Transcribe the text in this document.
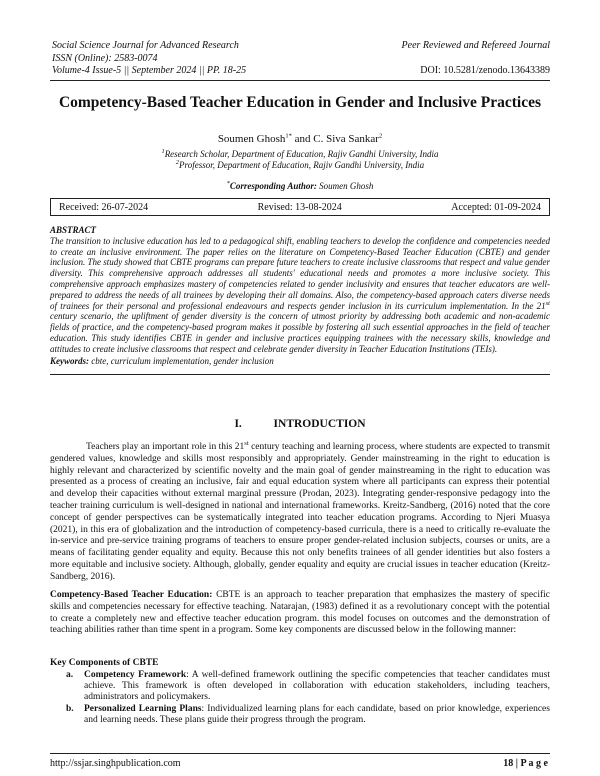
Social Science Journal for Advanced Research	Peer Reviewed and Refereed Journal
ISSN (Online): 2583-0074
Volume-4 Issue-5 || September 2024 || PP. 18-25	DOI: 10.5281/zenodo.13643389
Competency-Based Teacher Education in Gender and Inclusive Practices
Soumen Ghosh$^{1*}$ and C. Siva Sankar$^2$
$^1$Research Scholar, Department of Education, Rajiv Gandhi University, India
$^2$Professor, Department of Education, Rajiv Gandhi University, India
*Corresponding Author: Soumen Ghosh
Received: 26-07-2024	Revised: 13-08-2024	Accepted: 01-09-2024
ABSTRACT
The transition to inclusive education has led to a pedagogical shift, enabling teachers to develop the confidence and competencies needed to create an inclusive environment. The paper relies on the literature on Competency-Based Teacher Education (CBTE) and gender inclusion. The study showed that CBTE programs can prepare future teachers to create inclusive classrooms that respect and value gender diversity. This comprehensive approach addresses all students' educational needs and promotes a more inclusive society. This comprehensive approach emphasizes mastery of competencies related to gender inclusivity and ensures that teacher educators are well-prepared to address the needs of all trainees by developing their all domains. Also, the competency-based approach caters diverse needs of trainees for their personal and professional endeavours and respects gender inclusion in its curriculum implementation. In the 21st century scenario, the upliftment of gender diversity is the concern of utmost priority by addressing both academic and non-academic fields of practice, and the competency-based program makes it possible by fostering all such essential approaches in the field of teacher education. This study identifies CBTE in gender and inclusive practices equipping trainees with the necessary skills, knowledge and attitudes to create inclusive classrooms that respect and celebrate gender diversity in Teacher Education Institutions (TEIs).
Keywords: cbte, curriculum implementation, gender inclusion
I.	INTRODUCTION
Teachers play an important role in this 21st century teaching and learning process, where students are expected to transmit gendered values, knowledge and skills most responsibly and appropriately. Gender mainstreaming in the right to education is highly relevant and characterized by scientific novelty and the main goal of gender mainstreaming in the right to education was presented as a process of creating an inclusive, fair and equal education system where all participants can express their potential and develop their capacities without external marginal pressure (Prodan, 2023). Integrating gender-responsive pedagogy into the teacher training curriculum is well-designed in national and international frameworks. Kreitz-Sandberg, (2016) noted that the core concept of gender perspectives can be systematically integrated into teacher education programs. According to Njeri Muasya (2021), in this era of globalization and the introduction of competency-based curricula, there is a need to critically re-evaluate the in-service and pre-service training programs of teachers to ensure proper gender-related inclusion subjects, courses or units, are a means of facilitating gender equality and equity. Because this not only benefits trainees of all gender identities but also fosters a more equitable and inclusive society. Although, globally, gender equality and equity are crucial issues in teacher education (Kreitz-Sandberg, 2016).
Competency-Based Teacher Education: CBTE is an approach to teacher preparation that emphasizes the mastery of specific skills and competencies necessary for effective teaching. Natarajan, (1983) defined it as a revolutionary concept with the potential to create a completely new and effective teacher education program. this model focuses on outcomes and the demonstration of teaching abilities rather than time spent in a program. Some key components are discussed below in the following manner:
Key Components of CBTE
a. Competency Framework: A well-defined framework outlining the specific competencies that teacher candidates must achieve. This framework is often developed in collaboration with education stakeholders, including teachers, administrators and policymakers.
b. Personalized Learning Plans: Individualized learning plans for each candidate, based on prior knowledge, experiences and learning needs. These plans guide their progress through the program.
http://ssjar.singhpublication.com	18 | P a g e
